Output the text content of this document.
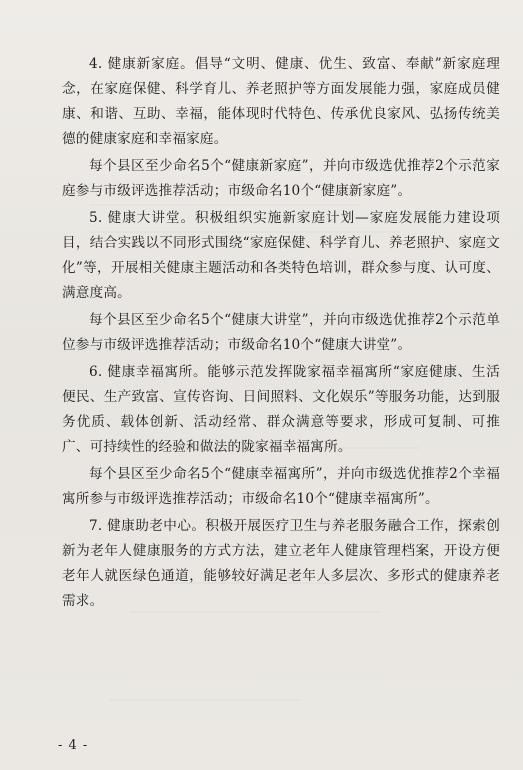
4. 健康新家庭。倡导“文明、健康、优生、致富、奉献”新家庭理念，在家庭保健、科学育儿、养老照护等方面发展能力强，家庭成员健康、和谐、互助、幸福，能体现时代特色、传承优良家风、弘扬传统美德的健康家庭和幸福家庭。

每个县区至少命名5个“健康新家庭”，并向市级选优推荐2个示范家庭参与市级评选推荐活动；市级命名10个“健康新家庭”。

5. 健康大讲堂。积极组织实施新家庭计划—家庭发展能力建设项目，结合实践以不同形式围绕“家庭保健、科学育儿、养老照护、家庭文化”等，开展相关健康主题活动和各类特色培训，群众参与度、认可度、满意度高。

每个县区至少命名5个“健康大讲堂”，并向市级选优推荐2个示范单位参与市级评选推荐活动；市级命名10个“健康大讲堂”。

6. 健康幸福寓所。能够示范发挥陇家福幸福寓所“家庭健康、生活便民、生产致富、宣传咨询、日间照料、文化娱乐”等服务功能，达到服务优质、载体创新、活动经常、群众满意等要求，形成可复制、可推广、可持续性的经验和做法的陇家福幸福寓所。

每个县区至少命名5个“健康幸福寓所”，并向市级选优推荐2个幸福寓所参与市级评选推荐活动；市级命名10个“健康幸福寓所”。

7. 健康助老中心。积极开展医疗卫生与养老服务融合工作，探索创新为老年人健康服务的方式方法，建立老年人健康管理档案，开设方便老年人就医绿色通道，能够较好满足老年人多层次、多形式的健康养老需求。

- 4 -
